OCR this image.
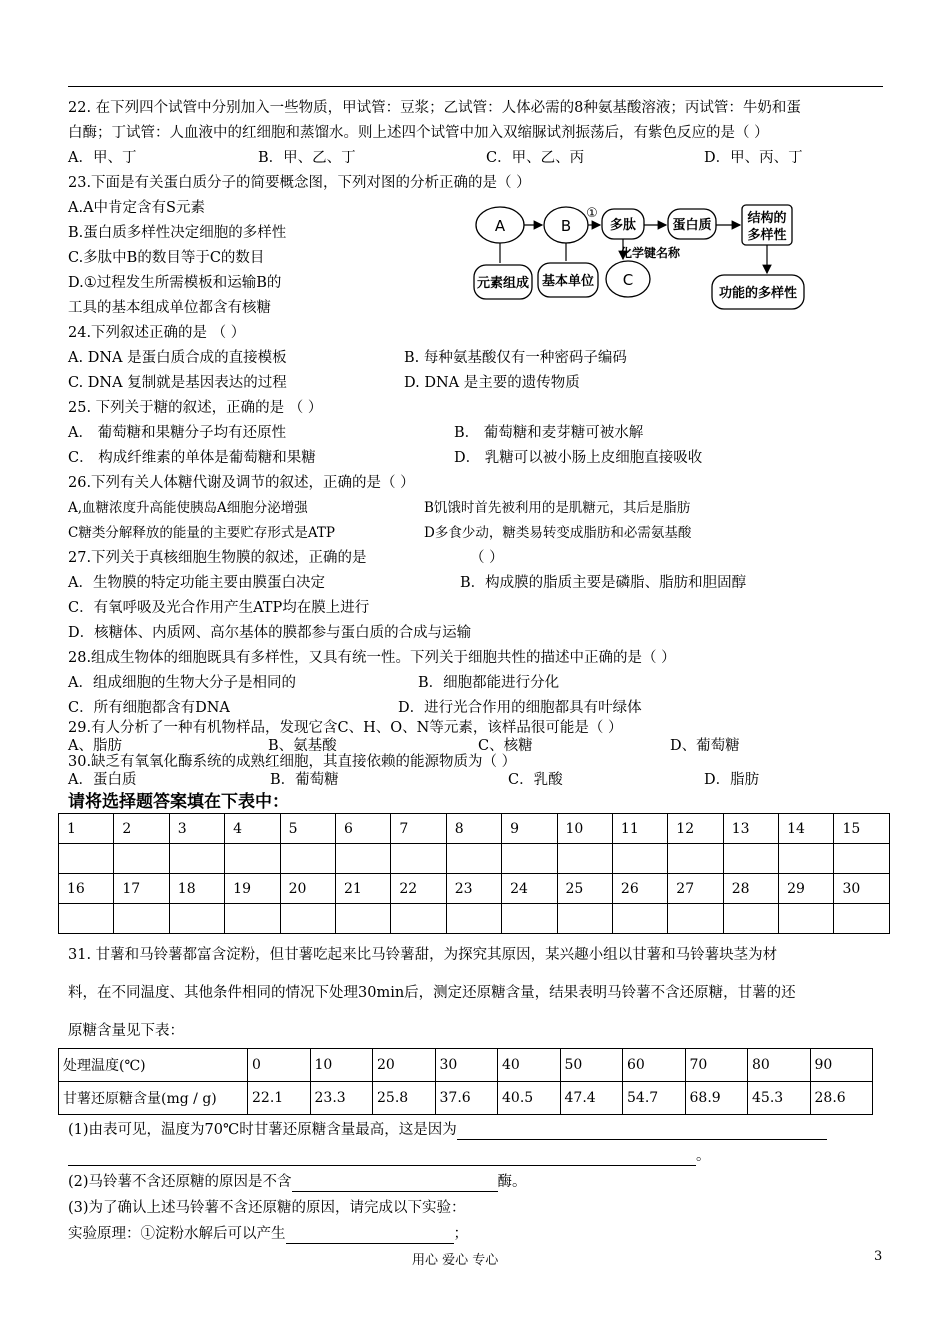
22. 在下列四个试管中分别加入一些物质，甲试管：豆浆；乙试管：人体必需的8种氨基酸溶液；丙试管：牛奶和蛋
白酶；丁试管：人血液中的红细胞和蒸馏水。则上述四个试管中加入双缩脲试剂振荡后，有紫色反应的是（ ）
A．甲、丁	B．甲、乙、丁	C．甲、乙、丙	D．甲、丙、丁
23.下面是有关蛋白质分子的简要概念图，下列对图的分析正确的是（ ）
A.A中肯定含有S元素
B.蛋白质多样性决定细胞的多样性
C.多肽中B的数目等于C的数目
D.①过程发生所需模板和运输B的
工具的基本组成单位都含有核糖
A	B
C
多肽	蛋白质	结构的
多样性
元素组成 基本单位
功能的多样性
①
化学键名称
24.下列叙述正确的是 （ ）
A. DNA 是蛋白质合成的直接模板	B. 每种氨基酸仅有一种密码子编码
C. DNA 复制就是基因表达的过程	D. DNA 是主要的遗传物质
25. 下列关于糖的叙述，正确的是 （ ）
A． 葡萄糖和果糖分子均有还原性	B． 葡萄糖和麦芽糖可被水解
C． 构成纤维素的单体是葡萄糖和果糖	D． 乳糖可以被小肠上皮细胞直接吸收
26.下列有关人体糖代谢及调节的叙述，正确的是（ ）
A,血糖浓度升高能使胰岛A细胞分泌增强	B饥饿时首先被利用的是肌糖元，其后是脂肪
C糖类分解释放的能量的主要贮存形式是ATP	D多食少动，糖类易转变成脂肪和必需氨基酸
27.下列关于真核细胞生物膜的叙述，正确的是	（ ）
A．生物膜的特定功能主要由膜蛋白决定	B．构成膜的脂质主要是磷脂、脂肪和胆固醇
C．有氧呼吸及光合作用产生ATP均在膜上进行
D．核糖体、内质网、高尔基体的膜都参与蛋白质的合成与运输
28.组成生物体的细胞既具有多样性，又具有统一性。下列关于细胞共性的描述中正确的是（ ）
A．组成细胞的生物大分子是相同的	B．细胞都能进行分化
C．所有细胞都含有DNA	D．进行光合作用的细胞都具有叶绿体
29.有人分析了一种有机物样品，发现它含C、H、O、N等元素，该样品很可能是（ ）
A、脂肪	B、氨基酸	C、核糖	D、葡萄糖
30.缺乏有氧氧化酶系统的成熟红细胞，其直接依赖的能源物质为（ ）
A．蛋白质	B．葡萄糖	C．乳酸	D．脂肪
请将选择题答案填在下表中：
1	2	3	4	5	6	7	8	9	10	11	12	13	14	15

16	17	18	19	20	21	22	23	24	25	26	27	28	29	30

31. 甘薯和马铃薯都富含淀粉，但甘薯吃起来比马铃薯甜，为探究其原因，某兴趣小组以甘薯和马铃薯块茎为材
料，在不同温度、其他条件相同的情况下处理30min后，测定还原糖含量，结果表明马铃薯不含还原糖，甘薯的还
原糖含量见下表：
处理温度(℃)	0	10	20	30	40	50	60	70	80	90
甘薯还原糖含量(mg / g)	22.1	23.3	25.8	37.6	40.5	47.4	54.7	68.9	45.3	28.6
(1)由表可见，温度为70℃时甘薯还原糖含量最高，这是因为
。
(2)马铃薯不含还原糖的原因是不含	酶。
(3)为了确认上述马铃薯不含还原糖的原因，请完成以下实验：
实验原理：①淀粉水解后可以产生	；
用心 爱心 专心	3
